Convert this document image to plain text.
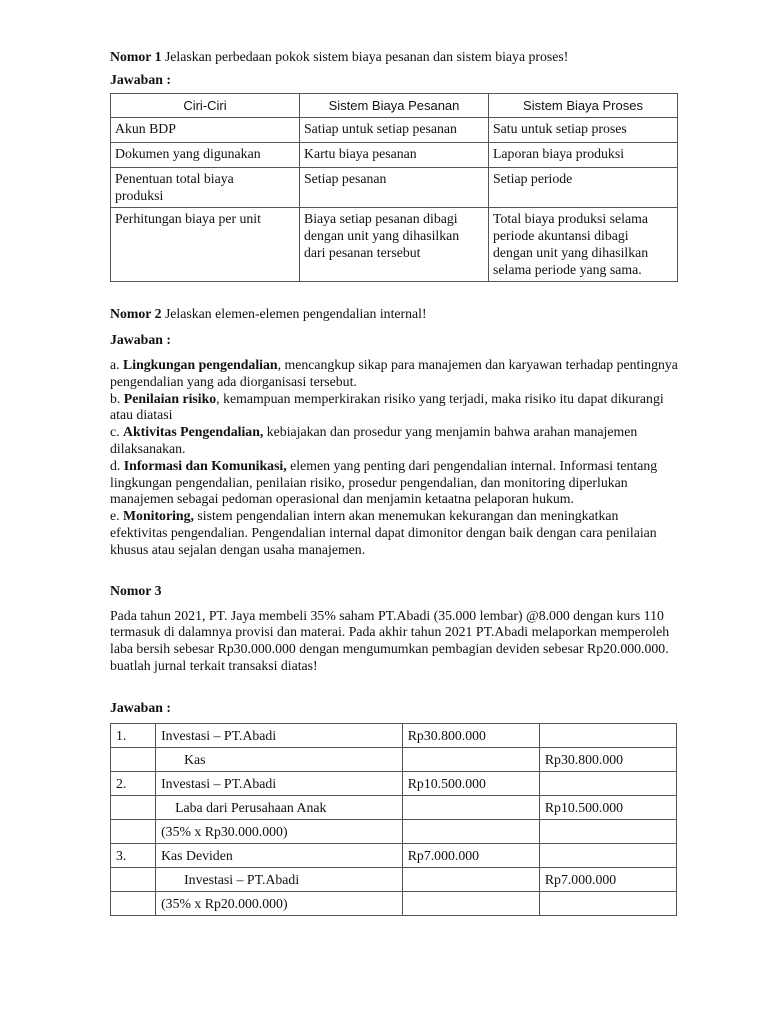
Nomor 1 Jelaskan perbedaan pokok sistem biaya pesanan dan sistem biaya proses!
Jawaban :
Ciri-Ciri	Sistem Biaya Pesanan	Sistem Biaya Proses
Akun BDP	Satiap untuk setiap pesanan	Satu untuk setiap proses
Dokumen yang digunakan	Kartu biaya pesanan	Laporan biaya produksi
Penentuan total biaya produksi	Setiap pesanan	Setiap periode
Perhitungan biaya per unit	Biaya setiap pesanan dibagi dengan unit yang dihasilkan dari pesanan tersebut	Total biaya produksi selama periode akuntansi dibagi dengan unit yang dihasilkan selama periode yang sama.
Nomor 2 Jelaskan elemen-elemen pengendalian internal!
Jawaban :
a. Lingkungan pengendalian, mencangkup sikap para manajemen dan karyawan terhadap pentingnya pengendalian yang ada diorganisasi tersebut.
b. Penilaian risiko, kemampuan memperkirakan risiko yang terjadi, maka risiko itu dapat dikurangi atau diatasi
c. Aktivitas Pengendalian, kebiajakan dan prosedur yang menjamin bahwa arahan manajemen dilaksanakan.
d. Informasi dan Komunikasi, elemen yang penting dari pengendalian internal. Informasi tentang lingkungan pengendalian, penilaian risiko, prosedur pengendalian, dan monitoring diperlukan manajemen sebagai pedoman operasional dan menjamin ketaatna pelaporan hukum.
e. Monitoring, sistem pengendalian intern akan menemukan kekurangan dan meningkatkan efektivitas pengendalian. Pengendalian internal dapat dimonitor dengan baik dengan cara penilaian khusus atau sejalan dengan usaha manajemen.
Nomor 3
Pada tahun 2021, PT. Jaya membeli 35% saham PT.Abadi (35.000 lembar) @8.000 dengan kurs 110 termasuk di dalamnya provisi dan materai. Pada akhir tahun 2021 PT.Abadi melaporkan memperoleh laba bersih sebesar Rp30.000.000 dengan mengumumkan pembagian deviden sebesar Rp20.000.000. buatlah jurnal terkait transaksi diatas!
Jawaban :
1.	Investasi – PT.Abadi	Rp30.800.000	
	Kas		Rp30.800.000
2.	Investasi – PT.Abadi	Rp10.500.000	
	Laba dari Perusahaan Anak		Rp10.500.000
	(35% x Rp30.000.000)		
3.	Kas Deviden	Rp7.000.000	
	Investasi – PT.Abadi		Rp7.000.000
	(35% x Rp20.000.000)		
